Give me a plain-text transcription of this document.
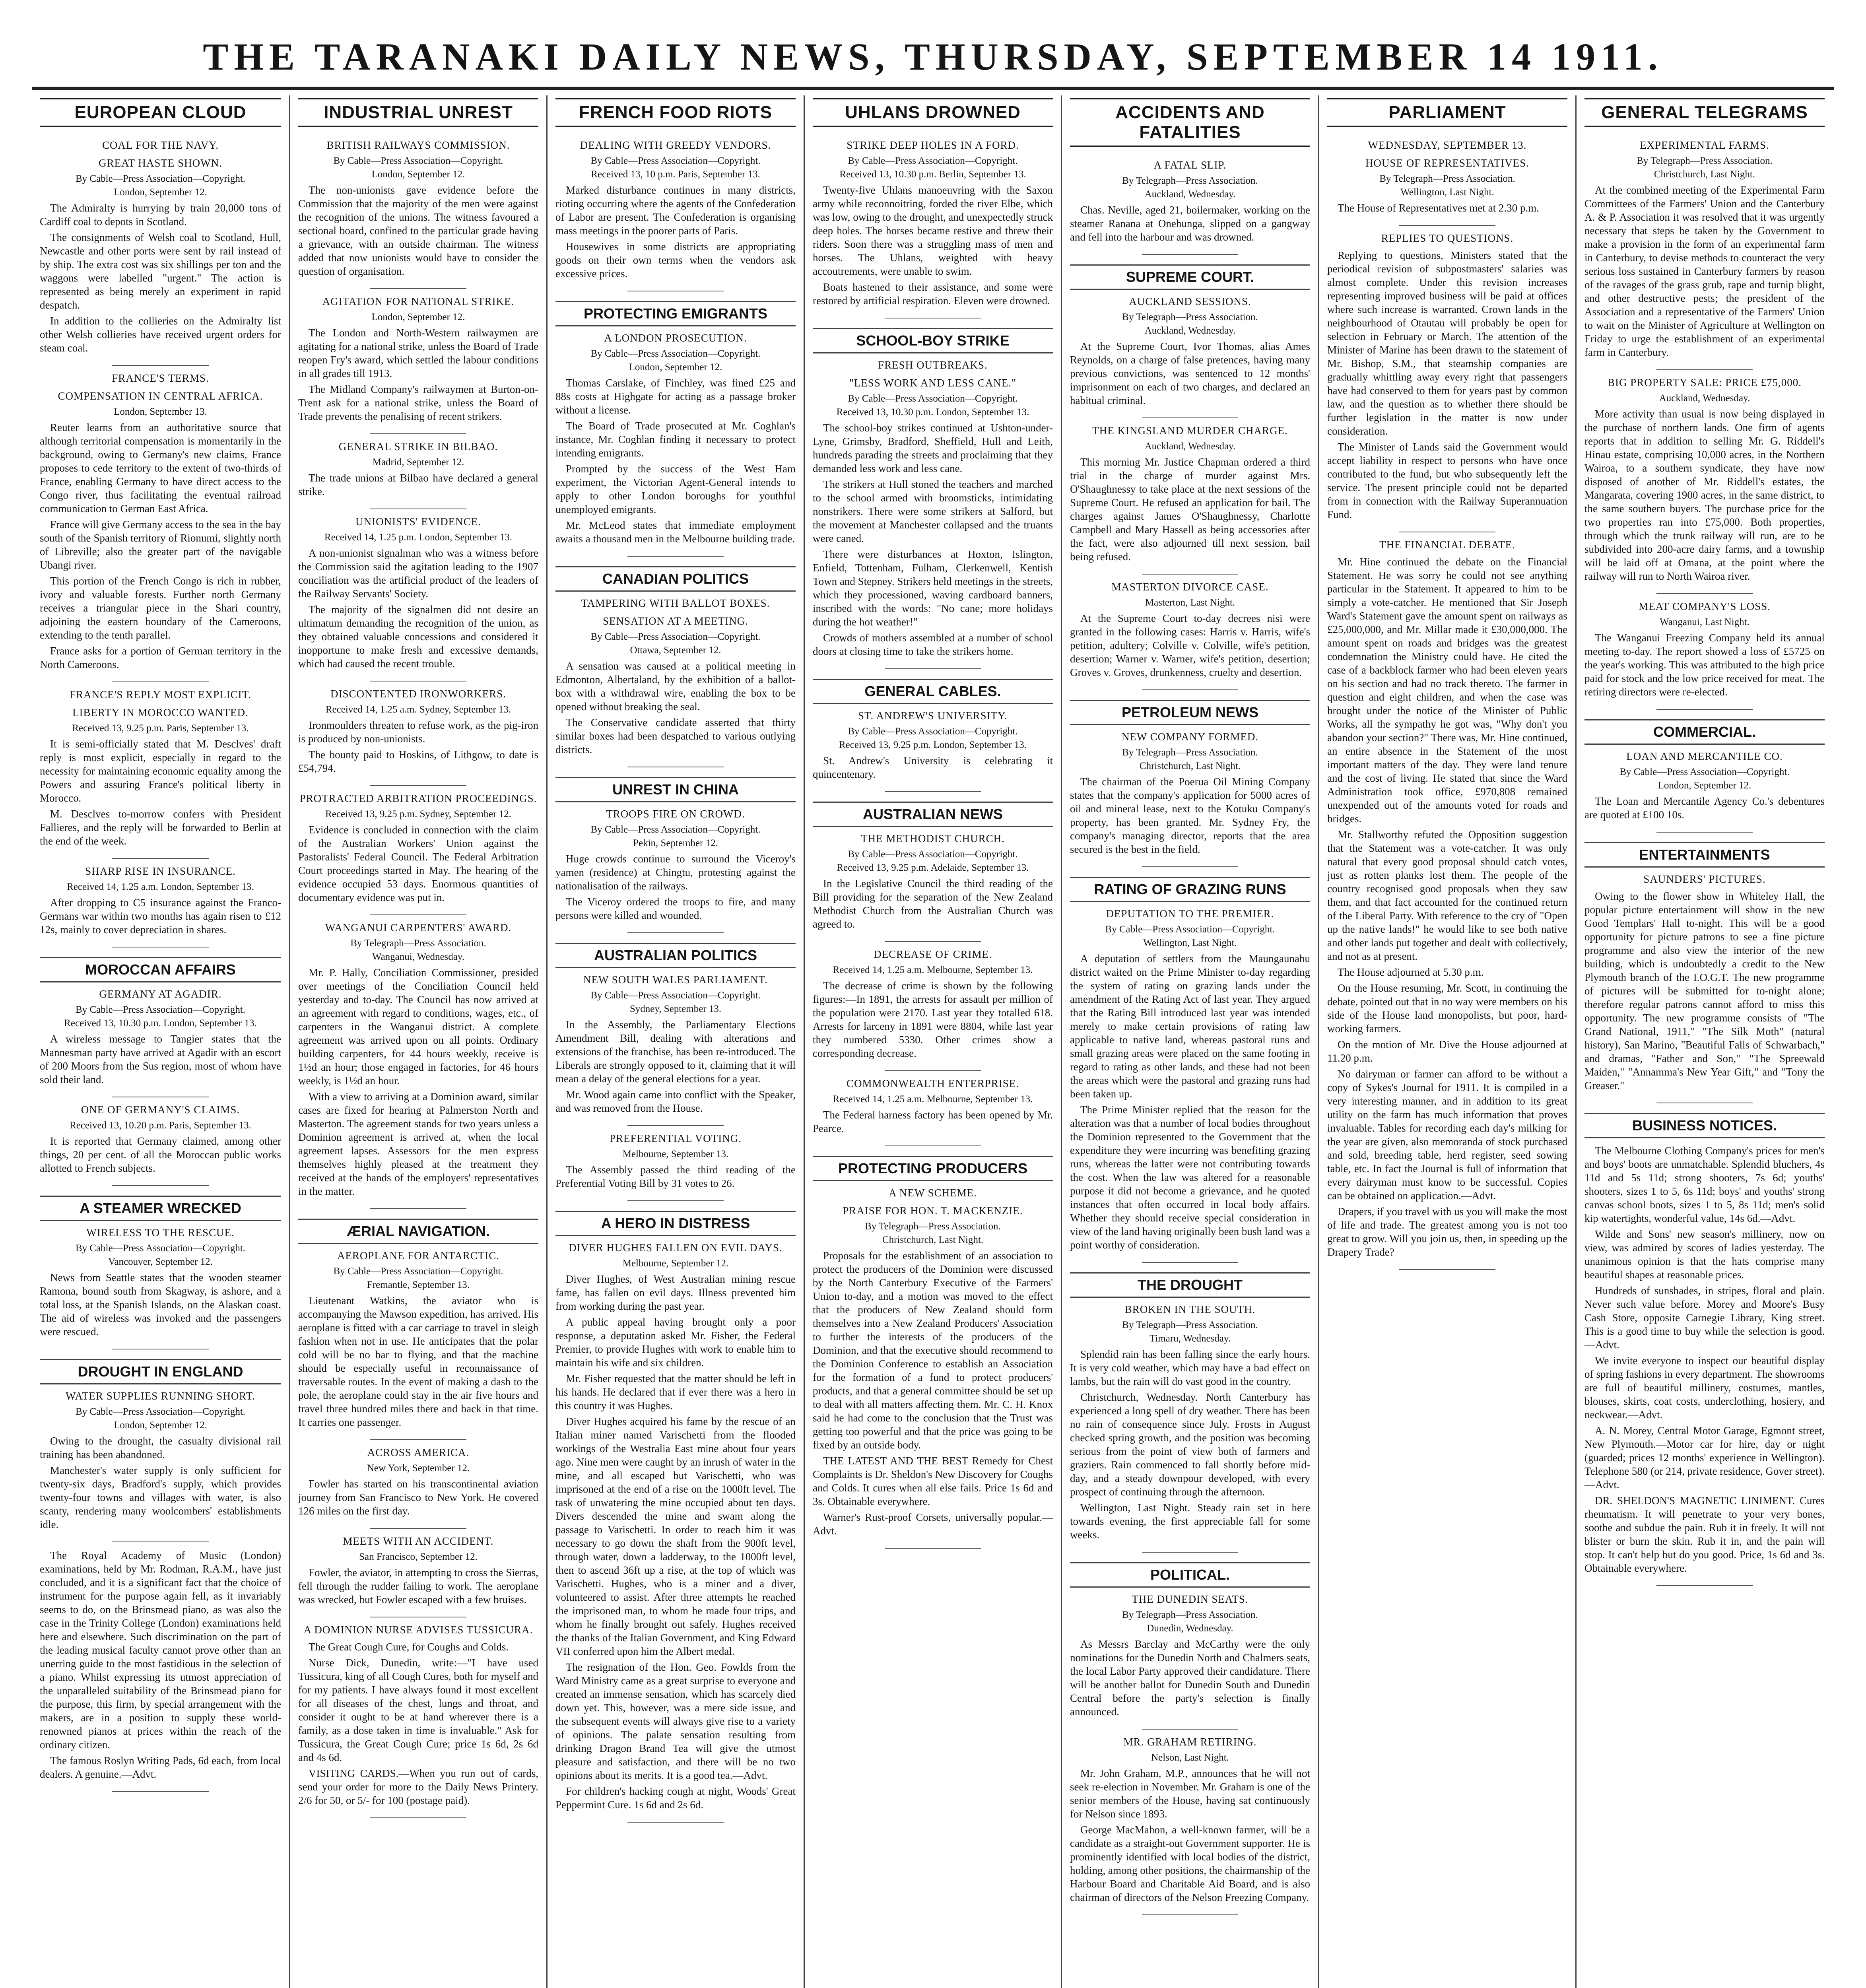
THE TARANAKI DAILY NEWS, THURSDAY, SEPTEMBER 14 1911.
EUROPEAN CLOUD
COAL FOR THE NAVY.
GREAT HASTE SHOWN.
By Cable—Press Association—Copyright.
London, September 12.

The Admiralty is hurrying by train 20,000 tons of Cardiff coal to depots in Scotland.

The consignments of Welsh coal to Scotland, Hull, Newcastle and other ports were sent by rail instead of by ship. The extra cost was six shillings per ton and the waggons were labelled "urgent." The action is represented as being merely an experiment in rapid despatch.

In addition to the collieries on the Admiralty list other Welsh collieries have received urgent orders for steam coal.

FRANCE'S TERMS.
COMPENSATION IN CENTRAL AFRICA.
London, September 13.

Reuter learns from an authoritative source that although territorial compensation is momentarily in the background, owing to Germany's new claims, France proposes to cede territory to the extent of two-thirds of France, enabling Germany to have direct access to the Congo river, thus facilitating the eventual railroad communication to German East Africa.

France will give Germany access to the sea in the bay south of the Spanish territory of Rionumi, slightly north of Libreville; also the greater part of the navigable Ubangi river.

This portion of the French Congo is rich in rubber, ivory and valuable forests. Further north Germany receives a triangular piece in the Shari country, adjoining the eastern boundary of the Cameroons, extending to the tenth parallel.

France asks for a portion of German territory in the North Cameroons.

FRANCE'S REPLY MOST EXPLICIT.
LIBERTY IN MOROCCO WANTED.
Received 13, 9.25 p.m. Paris, September 13.

It is semi-officially stated that M. Desclves' draft reply is most explicit, especially in regard to the necessity for maintaining economic equality among the Powers and assuring France's political liberty in Morocco.

M. Desclves to-morrow confers with President Fallieres, and the reply will be forwarded to Berlin at the end of the week.

SHARP RISE IN INSURANCE.
Received 14, 1.25 a.m. London, September 13.

After dropping to C5 insurance against the Franco-Germans war within two months has again risen to £12 12s, mainly to cover depreciation in shares.

MOROCCAN AFFAIRS
GERMANY AT AGADIR.
By Cable—Press Association—Copyright.
Received 13, 10.30 p.m. London, September 13.

A wireless message to Tangier states that the Mannesman party have arrived at Agadir with an escort of 200 Moors from the Sus region, most of whom have sold their land.

ONE OF GERMANY'S CLAIMS.
Received 13, 10.20 p.m. Paris, September 13.

It is reported that Germany claimed, among other things, 20 per cent. of all the Moroccan public works allotted to French subjects.

A STEAMER WRECKED
WIRELESS TO THE RESCUE.
By Cable—Press Association—Copyright.
Vancouver, September 12.

News from Seattle states that the wooden steamer Ramona, bound south from Skagway, is ashore, and a total loss, at the Spanish Islands, on the Alaskan coast. The aid of wireless was invoked and the passengers were rescued.

DROUGHT IN ENGLAND
WATER SUPPLIES RUNNING SHORT.
By Cable—Press Association—Copyright.
London, September 12.

Owing to the drought, the casualty divisional rail training has been abandoned.

Manchester's water supply is only sufficient for twenty-six days, Bradford's supply, which provides twenty-four towns and villages with water, is also scanty, rendering many woolcombers' establishments idle.

The Royal Academy of Music (London) examinations, held by Mr. Rodman, R.A.M., have just concluded, and it is a significant fact that the choice of instrument for the purpose again fell, as it invariably seems to do, on the Brinsmead piano, as was also the case in the Trinity College (London) examinations held here and elsewhere. Such discrimination on the part of the leading musical faculty cannot prove other than an unerring guide to the most fastidious in the selection of a piano. Whilst expressing its utmost appreciation of the unparalleled suitability of the Brinsmead piano for the purpose, this firm, by special arrangement with the makers, are in a position to supply these world-renowned pianos at prices within the reach of the ordinary citizen.

The famous Roslyn Writing Pads, 6d each, from local dealers. A genuine.—Advt.

INDUSTRIAL UNREST
BRITISH RAILWAYS COMMISSION.
By Cable—Press Association—Copyright.
London, September 12.

The non-unionists gave evidence before the Commission that the majority of the men were against the recognition of the unions. The witness favoured a sectional board, confined to the particular grade having a grievance, with an outside chairman. The witness added that now unionists would have to consider the question of organisation.

AGITATION FOR NATIONAL STRIKE.
London, September 12.

The London and North-Western railwaymen are agitating for a national strike, unless the Board of Trade reopen Fry's award, which settled the labour conditions in all grades till 1913.

The Midland Company's railwaymen at Burton-on-Trent ask for a national strike, unless the Board of Trade prevents the penalising of recent strikers.

GENERAL STRIKE IN BILBAO.
Madrid, September 12.

The trade unions at Bilbao have declared a general strike.

UNIONISTS' EVIDENCE.
Received 14, 1.25 p.m. London, September 13.

A non-unionist signalman who was a witness before the Commission said the agitation leading to the 1907 conciliation was the artificial product of the leaders of the Railway Servants' Society.

The majority of the signalmen did not desire an ultimatum demanding the recognition of the union, as they obtained valuable concessions and considered it inopportune to make fresh and excessive demands, which had caused the recent trouble.

DISCONTENTED IRONWORKERS.
Received 14, 1.25 a.m. Sydney, September 13.

Ironmoulders threaten to refuse work, as the pig-iron is produced by non-unionists.

The bounty paid to Hoskins, of Lithgow, to date is £54,794.

PROTRACTED ARBITRATION PROCEEDINGS.
Received 13, 9.25 p.m. Sydney, September 12.

Evidence is concluded in connection with the claim of the Australian Workers' Union against the Pastoralists' Federal Council. The Federal Arbitration Court proceedings started in May. The hearing of the evidence occupied 53 days. Enormous quantities of documentary evidence was put in.

WANGANUI CARPENTERS' AWARD.
By Telegraph—Press Association.
Wanganui, Wednesday.

Mr. P. Hally, Conciliation Commissioner, presided over meetings of the Conciliation Council held yesterday and to-day. The Council has now arrived at an agreement with regard to conditions, wages, etc., of carpenters in the Wanganui district. A complete agreement was arrived upon on all points. Ordinary building carpenters, for 44 hours weekly, receive is 1½d an hour; those engaged in factories, for 46 hours weekly, is 1½d an hour.

With a view to arriving at a Dominion award, similar cases are fixed for hearing at Palmerston North and Masterton. The agreement stands for two years unless a Dominion agreement is arrived at, when the local agreement lapses. Assessors for the men express themselves highly pleased at the treatment they received at the hands of the employers' representatives in the matter.

ÆRIAL NAVIGATION.
AEROPLANE FOR ANTARCTIC.
By Cable—Press Association—Copyright.
Fremantle, September 13.

Lieutenant Watkins, the aviator who is accompanying the Mawson expedition, has arrived. His aeroplane is fitted with a car carriage to travel in sleigh fashion when not in use. He anticipates that the polar cold will be no bar to flying, and that the machine should be especially useful in reconnaissance of traversable routes. In the event of making a dash to the pole, the aeroplane could stay in the air five hours and travel three hundred miles there and back in that time. It carries one passenger.

ACROSS AMERICA.
New York, September 12.

Fowler has started on his transcontinental aviation journey from San Francisco to New York. He covered 126 miles on the first day.

MEETS WITH AN ACCIDENT.
San Francisco, September 12.

Fowler, the aviator, in attempting to cross the Sierras, fell through the rudder failing to work. The aeroplane was wrecked, but Fowler escaped with a few bruises.

A DOMINION NURSE ADVISES TUSSICURA.

The Great Cough Cure, for Coughs and Colds.

Nurse Dick, Dunedin, write:—"I have used Tussicura, king of all Cough Cures, both for myself and for my patients. I have always found it most excellent for all diseases of the chest, lungs and throat, and consider it ought to be at hand wherever there is a family, as a dose taken in time is invaluable." Ask for Tussicura, the Great Cough Cure; price 1s 6d, 2s 6d and 4s 6d.

VISITING CARDS.—When you run out of cards, send your order for more to the Daily News Printery. 2/6 for 50, or 5/- for 100 (postage paid).

FRENCH FOOD RIOTS
DEALING WITH GREEDY VENDORS.
By Cable—Press Association—Copyright.
Received 13, 10 p.m. Paris, September 13.

Marked disturbance continues in many districts, rioting occurring where the agents of the Confederation of Labor are present. The Confederation is organising mass meetings in the poorer parts of Paris.

Housewives in some districts are appropriating goods on their own terms when the vendors ask excessive prices.

PROTECTING EMIGRANTS
A LONDON PROSECUTION.
By Cable—Press Association—Copyright.
London, September 12.

Thomas Carslake, of Finchley, was fined £25 and 88s costs at Highgate for acting as a passage broker without a license.

The Board of Trade prosecuted at Mr. Coghlan's instance, Mr. Coghlan finding it necessary to protect intending emigrants.

Prompted by the success of the West Ham experiment, the Victorian Agent-General intends to apply to other London boroughs for youthful unemployed emigrants.

Mr. McLeod states that immediate employment awaits a thousand men in the Melbourne building trade.

CANADIAN POLITICS
TAMPERING WITH BALLOT BOXES.
SENSATION AT A MEETING.
By Cable—Press Association—Copyright.
Ottawa, September 12.

A sensation was caused at a political meeting in Edmonton, Albertaland, by the exhibition of a ballot-box with a withdrawal wire, enabling the box to be opened without breaking the seal.

The Conservative candidate asserted that thirty similar boxes had been despatched to various outlying districts.

UNREST IN CHINA
TROOPS FIRE ON CROWD.
By Cable—Press Association—Copyright.
Pekin, September 12.

Huge crowds continue to surround the Viceroy's yamen (residence) at Chingtu, protesting against the nationalisation of the railways.

The Viceroy ordered the troops to fire, and many persons were killed and wounded.

AUSTRALIAN POLITICS
NEW SOUTH WALES PARLIAMENT.
By Cable—Press Association—Copyright.
Sydney, September 13.

In the Assembly, the Parliamentary Elections Amendment Bill, dealing with alterations and extensions of the franchise, has been re-introduced. The Liberals are strongly opposed to it, claiming that it will mean a delay of the general elections for a year.

Mr. Wood again came into conflict with the Speaker, and was removed from the House.

PREFERENTIAL VOTING.
Melbourne, September 13.

The Assembly passed the third reading of the Preferential Voting Bill by 31 votes to 26.

A HERO IN DISTRESS
DIVER HUGHES FALLEN ON EVIL DAYS.
Melbourne, September 12.

Diver Hughes, of West Australian mining rescue fame, has fallen on evil days. Illness prevented him from working during the past year.

A public appeal having brought only a poor response, a deputation asked Mr. Fisher, the Federal Premier, to provide Hughes with work to enable him to maintain his wife and six children.

Mr. Fisher requested that the matter should be left in his hands. He declared that if ever there was a hero in this country it was Hughes.

Diver Hughes acquired his fame by the rescue of an Italian miner named Varischetti from the flooded workings of the Westralia East mine about four years ago. Nine men were caught by an inrush of water in the mine, and all escaped but Varischetti, who was imprisoned at the end of a rise on the 1000ft level. The task of unwatering the mine occupied about ten days. Divers descended the mine and swam along the passage to Varischetti. In order to reach him it was necessary to go down the shaft from the 900ft level, through water, down a ladderway, to the 1000ft level, then to ascend 36ft up a rise, at the top of which was Varischetti. Hughes, who is a miner and a diver, volunteered to assist. After three attempts he reached the imprisoned man, to whom he made four trips, and whom he finally brought out safely. Hughes received the thanks of the Italian Government, and King Edward VII conferred upon him the Albert medal.

The resignation of the Hon. Geo. Fowlds from the Ward Ministry came as a great surprise to everyone and created an immense sensation, which has scarcely died down yet. This, however, was a mere side issue, and the subsequent events will always give rise to a variety of opinions. The palate sensation resulting from drinking Dragon Brand Tea will give the utmost pleasure and satisfaction, and there will be no two opinions about its merits. It is a good tea.—Advt.

For children's hacking cough at night, Woods' Great Peppermint Cure. 1s 6d and 2s 6d.

UHLANS DROWNED
STRIKE DEEP HOLES IN A FORD.
By Cable—Press Association—Copyright.
Received 13, 10.30 p.m. Berlin, September 13.

Twenty-five Uhlans manoeuvring with the Saxon army while reconnoitring, forded the river Elbe, which was low, owing to the drought, and unexpectedly struck deep holes. The horses became restive and threw their riders. Soon there was a struggling mass of men and horses. The Uhlans, weighted with heavy accoutrements, were unable to swim.

Boats hastened to their assistance, and some were restored by artificial respiration. Eleven were drowned.

SCHOOL-BOY STRIKE
FRESH OUTBREAKS.
"LESS WORK AND LESS CANE."
By Cable—Press Association—Copyright.
Received 13, 10.30 p.m. London, September 13.

The school-boy strikes continued at Ushton-under-Lyne, Grimsby, Bradford, Sheffield, Hull and Leith, hundreds parading the streets and proclaiming that they demanded less work and less cane.

The strikers at Hull stoned the teachers and marched to the school armed with broomsticks, intimidating nonstrikers. There were some strikers at Salford, but the movement at Manchester collapsed and the truants were caned.

There were disturbances at Hoxton, Islington, Enfield, Tottenham, Fulham, Clerkenwell, Kentish Town and Stepney. Strikers held meetings in the streets, which they processioned, waving cardboard banners, inscribed with the words: "No cane; more holidays during the hot weather!"

Crowds of mothers assembled at a number of school doors at closing time to take the strikers home.

GENERAL CABLES.
ST. ANDREW'S UNIVERSITY.
By Cable—Press Association—Copyright.
Received 13, 9.25 p.m. London, September 13.

St. Andrew's University is celebrating it quincentenary.

AUSTRALIAN NEWS
THE METHODIST CHURCH.
By Cable—Press Association—Copyright.
Received 13, 9.25 p.m. Adelaide, September 13.

In the Legislative Council the third reading of the Bill providing for the separation of the New Zealand Methodist Church from the Australian Church was agreed to.

DECREASE OF CRIME.
Received 14, 1.25 a.m. Melbourne, September 13.

The decrease of crime is shown by the following figures:—In 1891, the arrests for assault per million of the population were 2170. Last year they totalled 618. Arrests for larceny in 1891 were 8804, while last year they numbered 5330. Other crimes show a corresponding decrease.

COMMONWEALTH ENTERPRISE.
Received 14, 1.25 a.m. Melbourne, September 13.

The Federal harness factory has been opened by Mr. Pearce.

PROTECTING PRODUCERS
A NEW SCHEME.
PRAISE FOR HON. T. MACKENZIE.
By Telegraph—Press Association.
Christchurch, Last Night.

Proposals for the establishment of an association to protect the producers of the Dominion were discussed by the North Canterbury Executive of the Farmers' Union to-day, and a motion was moved to the effect that the producers of New Zealand should form themselves into a New Zealand Producers' Association to further the interests of the producers of the Dominion, and that the executive should recommend to the Dominion Conference to establish an Association for the formation of a fund to protect producers' products, and that a general committee should be set up to deal with all matters affecting them. Mr. C. H. Knox said he had come to the conclusion that the Trust was getting too powerful and that the price was going to be fixed by an outside body.

THE LATEST AND THE BEST Remedy for Chest Complaints is Dr. Sheldon's New Discovery for Coughs and Colds. It cures when all else fails. Price 1s 6d and 3s. Obtainable everywhere.

Warner's Rust-proof Corsets, universally popular.—Advt.

ACCIDENTS AND FATALITIES
A FATAL SLIP.
By Telegraph—Press Association.
Auckland, Wednesday.

Chas. Neville, aged 21, boilermaker, working on the steamer Ranana at Onehunga, slipped on a gangway and fell into the harbour and was drowned.

SUPREME COURT.
AUCKLAND SESSIONS.
By Telegraph—Press Association.
Auckland, Wednesday.

At the Supreme Court, Ivor Thomas, alias Ames Reynolds, on a charge of false pretences, having many previous convictions, was sentenced to 12 months' imprisonment on each of two charges, and declared an habitual criminal.

THE KINGSLAND MURDER CHARGE.
Auckland, Wednesday.

This morning Mr. Justice Chapman ordered a third trial in the charge of murder against Mrs. O'Shaughnessy to take place at the next sessions of the Supreme Court. He refused an application for bail. The charges against James O'Shaughnessy, Charlotte Campbell and Mary Hassell as being accessories after the fact, were also adjourned till next session, bail being refused.

MASTERTON DIVORCE CASE.
Masterton, Last Night.

At the Supreme Court to-day decrees nisi were granted in the following cases: Harris v. Harris, wife's petition, adultery; Colville v. Colville, wife's petition, desertion; Warner v. Warner, wife's petition, desertion; Groves v. Groves, drunkenness, cruelty and desertion.

PETROLEUM NEWS
NEW COMPANY FORMED.
By Telegraph—Press Association.
Christchurch, Last Night.

The chairman of the Poerua Oil Mining Company states that the company's application for 5000 acres of oil and mineral lease, next to the Kotuku Company's property, has been granted. Mr. Sydney Fry, the company's managing director, reports that the area secured is the best in the field.

RATING OF GRAZING RUNS
DEPUTATION TO THE PREMIER.
By Cable—Press Association—Copyright.
Wellington, Last Night.

A deputation of settlers from the Maungaunahu district waited on the Prime Minister to-day regarding the system of rating on grazing lands under the amendment of the Rating Act of last year. They argued that the Rating Bill introduced last year was intended merely to make certain provisions of rating law applicable to native land, whereas pastoral runs and small grazing areas were placed on the same footing in regard to rating as other lands, and these had not been the areas which were the pastoral and grazing runs had been taken up.

The Prime Minister replied that the reason for the alteration was that a number of local bodies throughout the Dominion represented to the Government that the expenditure they were incurring was benefiting grazing runs, whereas the latter were not contributing towards the cost. When the law was altered for a reasonable purpose it did not become a grievance, and he quoted instances that often occurred in local body affairs. Whether they should receive special consideration in view of the land having originally been bush land was a point worthy of consideration.

THE DROUGHT
BROKEN IN THE SOUTH.
By Telegraph—Press Association.
Timaru, Wednesday.

Splendid rain has been falling since the early hours. It is very cold weather, which may have a bad effect on lambs, but the rain will do vast good in the country.

Christchurch, Wednesday. North Canterbury has experienced a long spell of dry weather. There has been no rain of consequence since July. Frosts in August checked spring growth, and the position was becoming serious from the point of view both of farmers and graziers. Rain commenced to fall shortly before mid-day, and a steady downpour developed, with every prospect of continuing through the afternoon.

Wellington, Last Night. Steady rain set in here towards evening, the first appreciable fall for some weeks.

POLITICAL.
THE DUNEDIN SEATS.
By Telegraph—Press Association.
Dunedin, Wednesday.

As Messrs Barclay and McCarthy were the only nominations for the Dunedin North and Chalmers seats, the local Labor Party approved their candidature. There will be another ballot for Dunedin South and Dunedin Central before the party's selection is finally announced.

MR. GRAHAM RETIRING.
Nelson, Last Night.

Mr. John Graham, M.P., announces that he will not seek re-election in November. Mr. Graham is one of the senior members of the House, having sat continuously for Nelson since 1893.

George MacMahon, a well-known farmer, will be a candidate as a straight-out Government supporter. He is prominently identified with local bodies of the district, holding, among other positions, the chairmanship of the Harbour Board and Charitable Aid Board, and is also chairman of directors of the Nelson Freezing Company.

PARLIAMENT
WEDNESDAY, SEPTEMBER 13.
HOUSE OF REPRESENTATIVES.
By Telegraph—Press Association.
Wellington, Last Night.

The House of Representatives met at 2.30 p.m.

REPLIES TO QUESTIONS.

Replying to questions, Ministers stated that the periodical revision of subpostmasters' salaries was almost complete. Under this revision increases representing improved business will be paid at offices where such increase is warranted. Crown lands in the neighbourhood of Otautau will probably be open for selection in February or March. The attention of the Minister of Marine has been drawn to the statement of Mr. Bishop, S.M., that steamship companies are gradually whittling away every right that passengers have had conserved to them for years past by common law, and the question as to whether there should be further legislation in the matter is now under consideration.

The Minister of Lands said the Government would accept liability in respect to persons who have once contributed to the fund, but who subsequently left the service. The present principle could not be departed from in connection with the Railway Superannuation Fund.

THE FINANCIAL DEBATE.

Mr. Hine continued the debate on the Financial Statement. He was sorry he could not see anything particular in the Statement. It appeared to him to be simply a vote-catcher. He mentioned that Sir Joseph Ward's Statement gave the amount spent on railways as £25,000,000, and Mr. Millar made it £30,000,000. The amount spent on roads and bridges was the greatest condemnation the Ministry could have. He cited the case of a backblock farmer who had been eleven years on his section and had no track thereto. The farmer in question and eight children, and when the case was brought under the notice of the Minister of Public Works, all the sympathy he got was, "Why don't you abandon your section?" There was, Mr. Hine continued, an entire absence in the Statement of the most important matters of the day. They were land tenure and the cost of living. He stated that since the Ward Administration took office, £970,808 remained unexpended out of the amounts voted for roads and bridges.

Mr. Stallworthy refuted the Opposition suggestion that the Statement was a vote-catcher. It was only natural that every good proposal should catch votes, just as rotten planks lost them. The people of the country recognised good proposals when they saw them, and that fact accounted for the continued return of the Liberal Party. With reference to the cry of "Open up the native lands!" he would like to see both native and other lands put together and dealt with collectively, and not as at present.

The House adjourned at 5.30 p.m.

On the House resuming, Mr. Scott, in continuing the debate, pointed out that in no way were members on his side of the House land monopolists, but poor, hard-working farmers.

On the motion of Mr. Dive the House adjourned at 11.20 p.m.

No dairyman or farmer can afford to be without a copy of Sykes's Journal for 1911. It is compiled in a very interesting manner, and in addition to its great utility on the farm has much information that proves invaluable. Tables for recording each day's milking for the year are given, also memoranda of stock purchased and sold, breeding table, herd register, seed sowing table, etc. In fact the Journal is full of information that every dairyman must know to be successful. Copies can be obtained on application.—Advt.

Drapers, if you travel with us you will make the most of life and trade. The greatest among you is not too great to grow. Will you join us, then, in speeding up the Drapery Trade?

GENERAL TELEGRAMS
EXPERIMENTAL FARMS.
By Telegraph—Press Association.
Christchurch, Last Night.

At the combined meeting of the Experimental Farm Committees of the Farmers' Union and the Canterbury A. & P. Association it was resolved that it was urgently necessary that steps be taken by the Government to make a provision in the form of an experimental farm in Canterbury, to devise methods to counteract the very serious loss sustained in Canterbury farmers by reason of the ravages of the grass grub, rape and turnip blight, and other destructive pests; the president of the Association and a representative of the Farmers' Union to wait on the Minister of Agriculture at Wellington on Friday to urge the establishment of an experimental farm in Canterbury.

BIG PROPERTY SALE: PRICE £75,000.
Auckland, Wednesday.

More activity than usual is now being displayed in the purchase of northern lands. One firm of agents reports that in addition to selling Mr. G. Riddell's Hinau estate, comprising 10,000 acres, in the Northern Wairoa, to a southern syndicate, they have now disposed of another of Mr. Riddell's estates, the Mangarata, covering 1900 acres, in the same district, to the same southern buyers. The purchase price for the two properties ran into £75,000. Both properties, through which the trunk railway will run, are to be subdivided into 200-acre dairy farms, and a township will be laid off at Omana, at the point where the railway will run to North Wairoa river.

MEAT COMPANY'S LOSS.
Wanganui, Last Night.

The Wanganui Freezing Company held its annual meeting to-day. The report showed a loss of £5725 on the year's working. This was attributed to the high price paid for stock and the low price received for meat. The retiring directors were re-elected.

COMMERCIAL.
LOAN AND MERCANTILE CO.
By Cable—Press Association—Copyright.
London, September 12.

The Loan and Mercantile Agency Co.'s debentures are quoted at £100 10s.

ENTERTAINMENTS
SAUNDERS' PICTURES.

Owing to the flower show in Whiteley Hall, the popular picture entertainment will show in the new Good Templars' Hall to-night. This will be a good opportunity for picture patrons to see a fine picture programme and also view the interior of the new building, which is undoubtedly a credit to the New Plymouth branch of the I.O.G.T. The new programme of pictures will be submitted for to-night alone; therefore regular patrons cannot afford to miss this opportunity. The new programme consists of "The Grand National, 1911," "The Silk Moth" (natural history), San Marino, "Beautiful Falls of Schwarbach," and dramas, "Father and Son," "The Spreewald Maiden," "Annamma's New Year Gift," and "Tony the Greaser."

BUSINESS NOTICES.

The Melbourne Clothing Company's prices for men's and boys' boots are unmatchable. Splendid bluchers, 4s 11d and 5s 11d; strong shooters, 7s 6d; youths' shooters, sizes 1 to 5, 6s 11d; boys' and youths' strong canvas school boots, sizes 1 to 5, 8s 11d; men's solid kip watertights, wonderful value, 14s 6d.—Advt.

Wilde and Sons' new season's millinery, now on view, was admired by scores of ladies yesterday. The unanimous opinion is that the hats comprise many beautiful shapes at reasonable prices.

Hundreds of sunshades, in stripes, floral and plain. Never such value before. Morey and Moore's Busy Cash Store, opposite Carnegie Library, King street. This is a good time to buy while the selection is good.—Advt.

We invite everyone to inspect our beautiful display of spring fashions in every department. The showrooms are full of beautiful millinery, costumes, mantles, blouses, skirts, coat costs, underclothing, hosiery, and neckwear.—Advt.

A. N. Morey, Central Motor Garage, Egmont street, New Plymouth.—Motor car for hire, day or night (guarded; prices 12 months' experience in Wellington). Telephone 580 (or 214, private residence, Gover street).—Advt.

DR. SHELDON'S MAGNETIC LINIMENT. Cures rheumatism. It will penetrate to your very bones, soothe and subdue the pain. Rub it in freely. It will not blister or burn the skin. Rub it in, and the pain will stop. It can't help but do you good. Price, 1s 6d and 3s. Obtainable everywhere.
